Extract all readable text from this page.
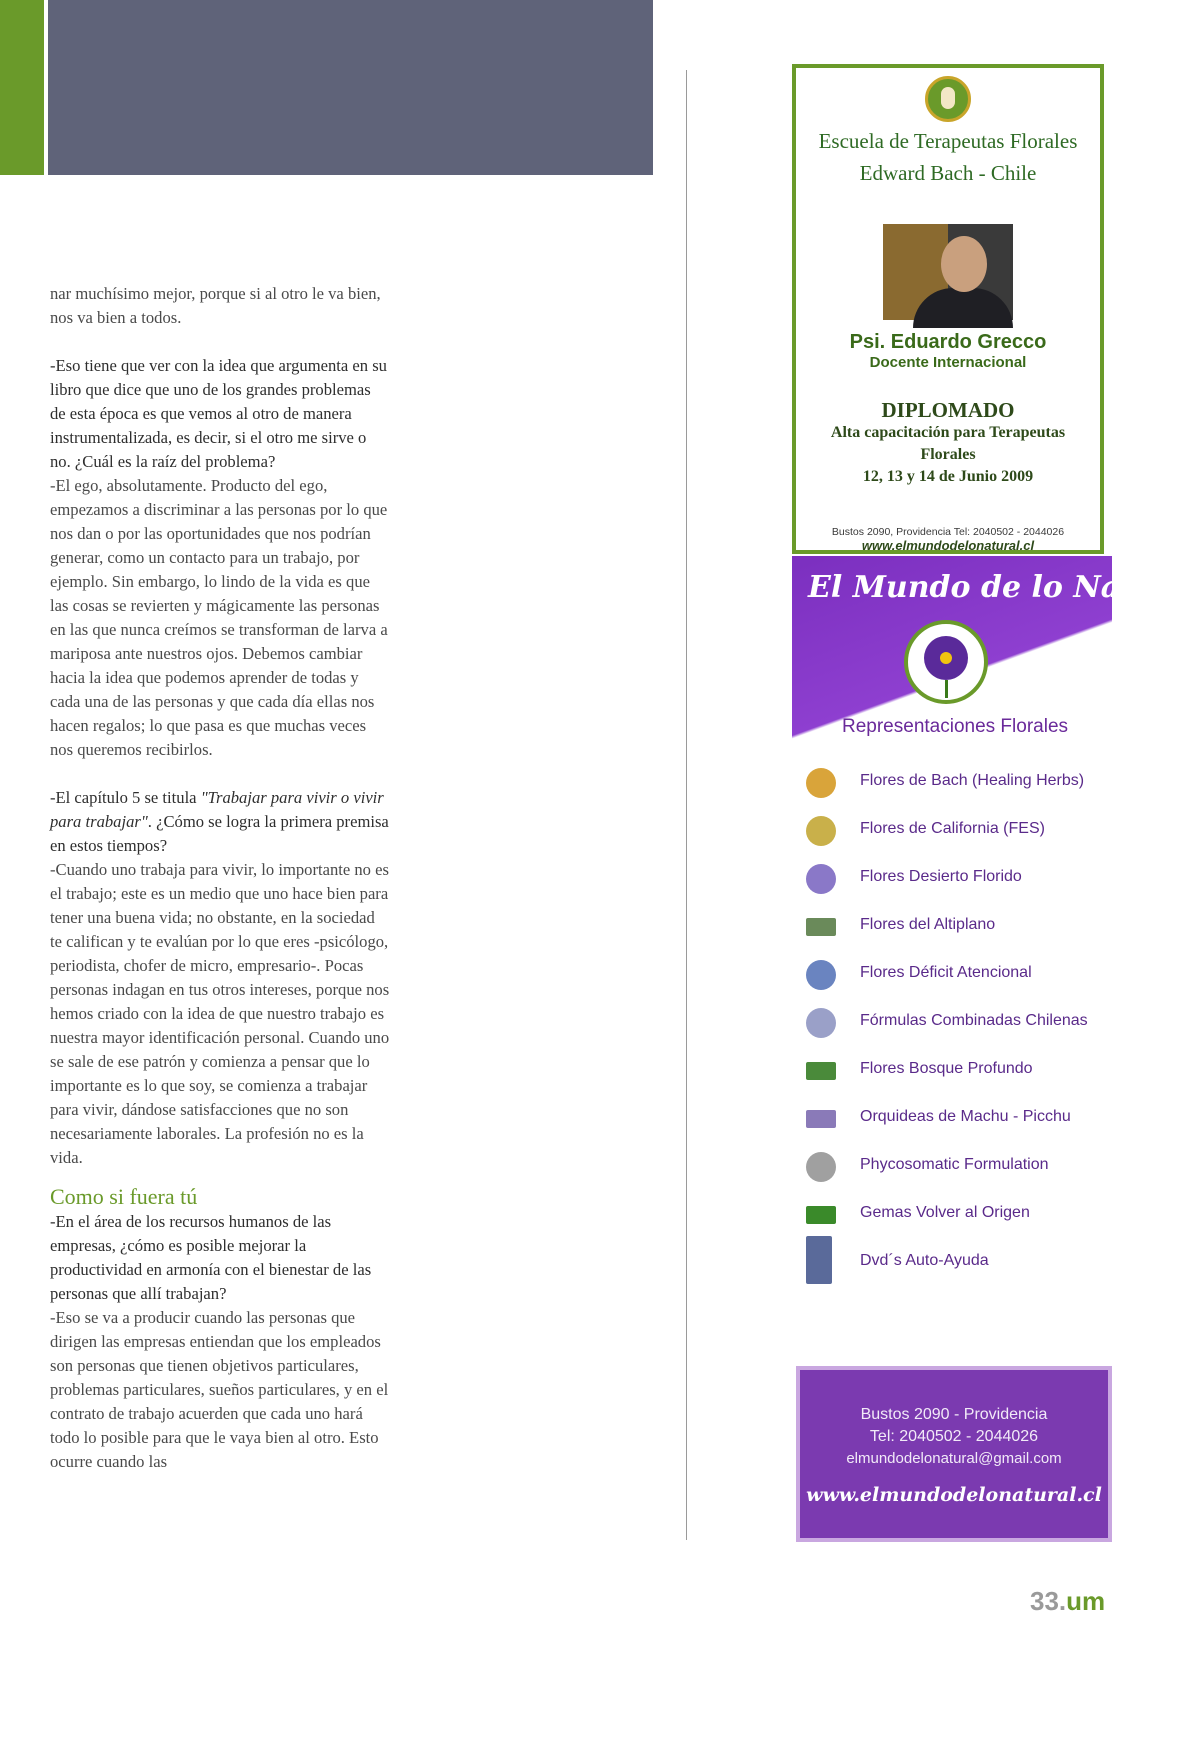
nar muchísimo mejor, porque si al otro le va bien, nos va bien a todos.

-Eso tiene que ver con la idea que argumenta en su libro que dice que uno de los grandes problemas de esta época es que vemos al otro de manera instrumentalizada, es decir, si el otro me sirve o no. ¿Cuál es la raíz del problema?

-El ego, absolutamente. Producto del ego, empezamos a discriminar a las personas por lo que nos dan o por las oportunidades que nos podrían generar, como un contacto para un trabajo, por ejemplo. Sin embargo, lo lindo de la vida es que las cosas se revierten y mágicamente las personas en las que nunca creímos se transforman de larva a mariposa ante nuestros ojos. Debemos cambiar hacia la idea que podemos aprender de todas y cada una de las personas y que cada día ellas nos hacen regalos; lo que pasa es que muchas veces nos queremos recibirlos.

-El capítulo 5 se titula "Trabajar para vivir o vivir para trabajar". ¿Cómo se logra la primera premisa en estos tiempos?

-Cuando uno trabaja para vivir, lo importante no es el trabajo; este es un medio que uno hace bien para tener una buena vida; no obstante, en la sociedad te califican y te evalúan por lo que eres -psicólogo, periodista, chofer de micro, empresario-. Pocas personas indagan en tus otros intereses, porque nos hemos criado con la idea de que nuestro trabajo es nuestra mayor identificación personal. Cuando uno se sale de ese patrón y comienza a pensar que lo importante es lo que soy, se comienza a trabajar para vivir, dándose satisfacciones que no son necesariamente laborales. La profesión no es la vida.

Como si fuera tú

-En el área de los recursos humanos de las empresas, ¿cómo es posible mejorar la productividad en armonía con el bienestar de las personas que allí trabajan?

-Eso se va a producir cuando las personas que dirigen las empresas entiendan que los empleados son personas que tienen objetivos particulares, problemas particulares, sueños particulares, y en el contrato de trabajo acuerden que cada uno hará todo lo posible para que le vaya bien al otro. Esto ocurre cuando las

Escuela de Terapeutas Florales
Edward Bach - Chile
Psi. Eduardo Grecco
Docente Internacional
DIPLOMADO
Alta capacitación para Terapeutas
Florales
12, 13 y 14 de Junio 2009
Bustos 2090, Providencia Tel: 2040502 - 2044026
www.elmundodelonatural.cl
El Mundo de lo Natural
Representaciones Florales
Flores de Bach (Healing Herbs)
Flores de California (FES)
Flores Desierto Florido
Flores del Altiplano
Flores Déficit Atencional
Fórmulas Combinadas Chilenas
Flores Bosque Profundo
Orquideas de Machu - Picchu
Phycosomatic Formulation
Gemas Volver al Origen
Dvd´s Auto-Ayuda
Bustos 2090 - Providencia
Tel: 2040502 - 2044026
elmundodelonatural@gmail.com
www.elmundodelonatural.cl
33.um
